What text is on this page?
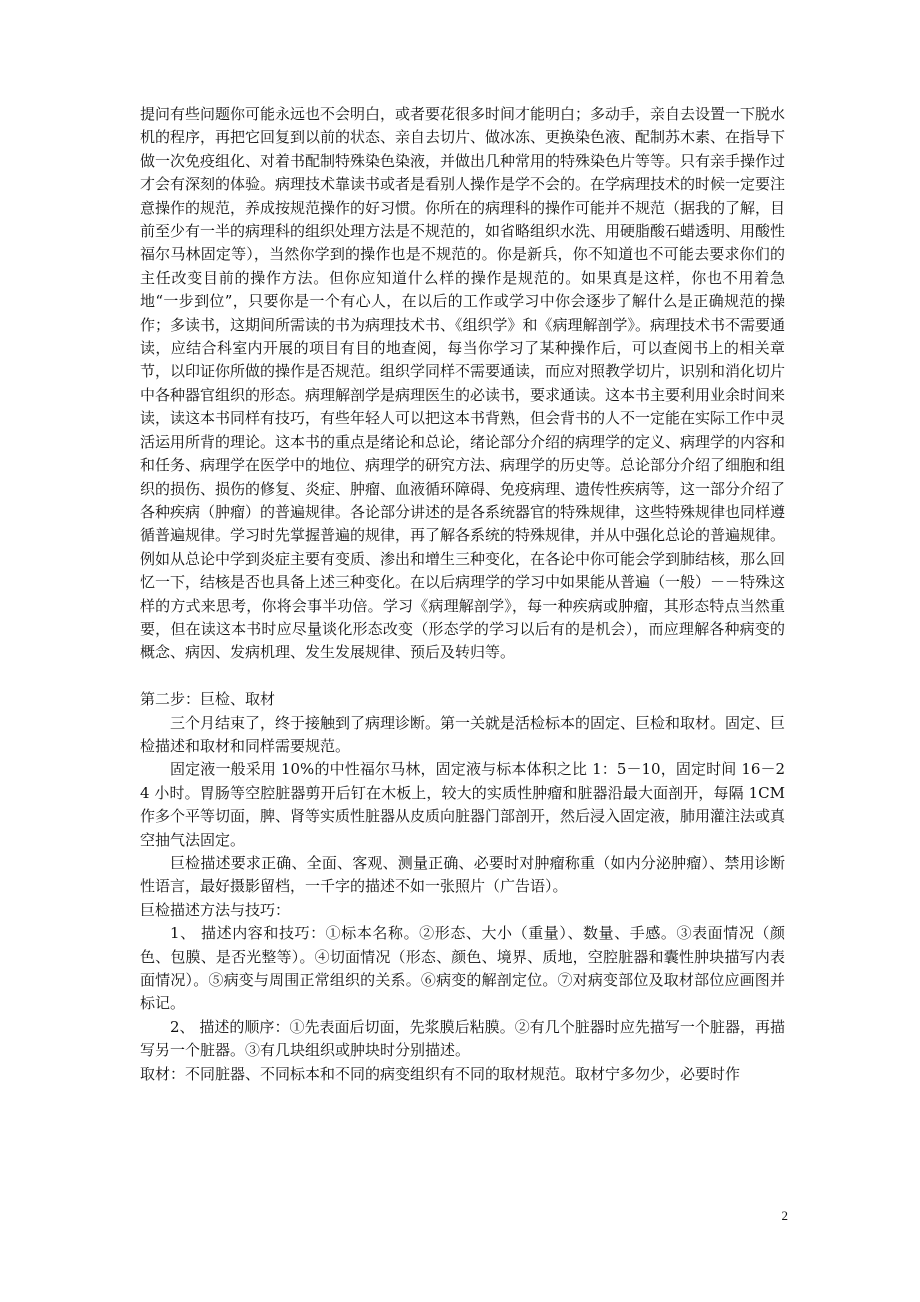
提问有些问题你可能永远也不会明白，或者要花很多时间才能明白；多动手，亲自去设置一下脱水机的程序，再把它回复到以前的状态、亲自去切片、做冰冻、更换染色液、配制苏木素、在指导下做一次免疫组化、对着书配制特殊染色染液，并做出几种常用的特殊染色片等等。只有亲手操作过才会有深刻的体验。病理技术靠读书或者是看别人操作是学不会的。在学病理技术的时候一定要注意操作的规范，养成按规范操作的好习惯。你所在的病理科的操作可能并不规范（据我的了解，目前至少有一半的病理科的组织处理方法是不规范的，如省略组织水洗、用硬脂酸石蜡透明、用酸性福尔马林固定等），当然你学到的操作也是不规范的。你是新兵，你不知道也不可能去要求你们的主任改变目前的操作方法。但你应知道什么样的操作是规范的。如果真是这样，你也不用着急地“一步到位”，只要你是一个有心人，在以后的工作或学习中你会逐步了解什么是正确规范的操作；多读书，这期间所需读的书为病理技术书、《组织学》和《病理解剖学》。病理技术书不需要通读，应结合科室内开展的项目有目的地查阅，每当你学习了某种操作后，可以查阅书上的相关章节，以印证你所做的操作是否规范。组织学同样不需要通读，而应对照教学切片，识别和消化切片中各种器官组织的形态。病理解剖学是病理医生的必读书，要求通读。这本书主要利用业余时间来读，读这本书同样有技巧，有些年轻人可以把这本书背熟，但会背书的人不一定能在实际工作中灵活运用所背的理论。这本书的重点是绪论和总论，绪论部分介绍的病理学的定义、病理学的内容和和任务、病理学在医学中的地位、病理学的研究方法、病理学的历史等。总论部分介绍了细胞和组织的损伤、损伤的修复、炎症、肿瘤、血液循环障碍、免疫病理、遗传性疾病等，这一部分介绍了各种疾病（肿瘤）的普遍规律。各论部分讲述的是各系统器官的特殊规律，这些特殊规律也同样遵循普遍规律。学习时先掌握普遍的规律，再了解各系统的特殊规律，并从中强化总论的普遍规律。例如从总论中学到炎症主要有变质、渗出和增生三种变化，在各论中你可能会学到肺结核，那么回忆一下，结核是否也具备上述三种变化。在以后病理学的学习中如果能从普遍（一般）－－特殊这样的方式来思考，你将会事半功倍。学习《病理解剖学》，每一种疾病或肿瘤，其形态特点当然重要，但在读这本书时应尽量谈化形态改变（形态学的学习以后有的是机会），而应理解各种病变的概念、病因、发病机理、发生发展规律、预后及转归等。

第二步：巨检、取材

三个月结束了，终于接触到了病理诊断。第一关就是活检标本的固定、巨检和取材。固定、巨检描述和取材和同样需要规范。

固定液一般采用 10%的中性福尔马林，固定液与标本体积之比 1：5－10，固定时间 16－24 小时。胃肠等空腔脏器剪开后钉在木板上，较大的实质性肿瘤和脏器沿最大面剖开，每隔 1CM 作多个平等切面，脾、肾等实质性脏器从皮质向脏器门部剖开，然后浸入固定液，肺用灌注法或真空抽气法固定。

巨检描述要求正确、全面、客观、测量正确、必要时对肿瘤称重（如内分泌肿瘤）、禁用诊断性语言，最好摄影留档，一千字的描述不如一张照片（广告语）。

巨检描述方法与技巧：

1、 描述内容和技巧：①标本名称。②形态、大小（重量）、数量、手感。③表面情况（颜色、包膜、是否光整等）。④切面情况（形态、颜色、境界、质地，空腔脏器和囊性肿块描写内表面情况）。⑤病变与周围正常组织的关系。⑥病变的解剖定位。⑦对病变部位及取材部位应画图并标记。

2、 描述的顺序：①先表面后切面，先浆膜后粘膜。②有几个脏器时应先描写一个脏器，再描写另一个脏器。③有几块组织或肿块时分别描述。

取材：不同脏器、不同标本和不同的病变组织有不同的取材规范。取材宁多勿少，必要时作

2
